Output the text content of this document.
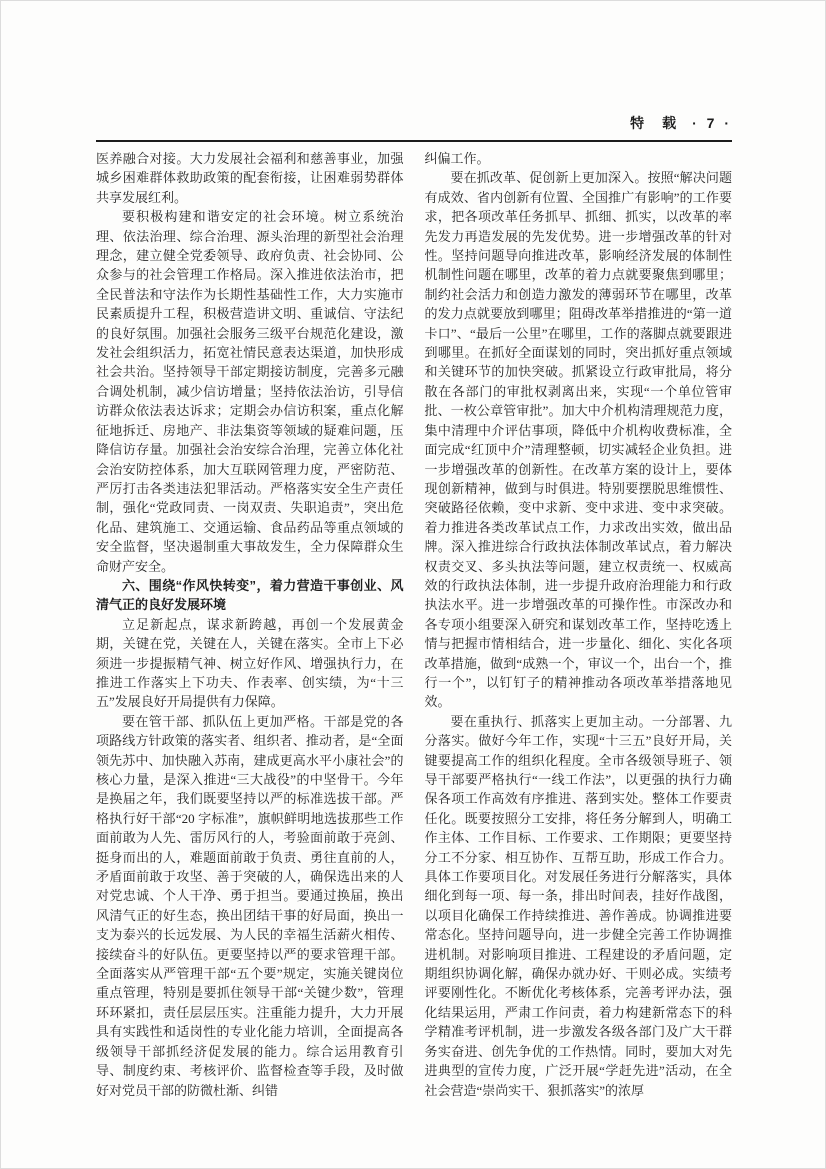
特　载 · 7 ·

医养融合对接。大力发展社会福利和慈善事业，加强城乡困难群体救助政策的配套衔接，让困难弱势群体共享发展红利。

要积极构建和谐安定的社会环境。树立系统治理、依法治理、综合治理、源头治理的新型社会治理理念，建立健全党委领导、政府负责、社会协同、公众参与的社会管理工作格局。深入推进依法治市，把全民普法和守法作为长期性基础性工作，大力实施市民素质提升工程，积极营造讲文明、重诚信、守法纪的良好氛围。加强社会服务三级平台规范化建设，激发社会组织活力，拓宽社情民意表达渠道，加快形成社会共治。坚持领导干部定期接访制度，完善多元融合调处机制，减少信访增量；坚持依法治访，引导信访群众依法表达诉求；定期会办信访积案，重点化解征地拆迁、房地产、非法集资等领域的疑难问题，压降信访存量。加强社会治安综合治理，完善立体化社会治安防控体系，加大互联网管理力度，严密防范、严厉打击各类违法犯罪活动。严格落实安全生产责任制，强化“党政同责、一岗双责、失职追责”，突出危化品、建筑施工、交通运输、食品药品等重点领域的安全监督，坚决遏制重大事故发生，全力保障群众生命财产安全。

六、围绕“作风快转变”，着力营造干事创业、风清气正的良好发展环境

立足新起点，谋求新跨越，再创一个发展黄金期，关键在党，关键在人，关键在落实。全市上下必须进一步提振精气神、树立好作风、增强执行力，在推进工作落实上下功夫、作表率、创实绩，为“十三五”发展良好开局提供有力保障。

要在管干部、抓队伍上更加严格。干部是党的各项路线方针政策的落实者、组织者、推动者，是“全面领先苏中、加快融入苏南，建成更高水平小康社会”的核心力量，是深入推进“三大战役”的中坚骨干。今年是换届之年，我们既要坚持以严的标准选拔干部。严格执行好干部“20 字标准”，旗帜鲜明地选拔那些工作面前敢为人先、雷厉风行的人，考验面前敢于亮剑、挺身而出的人，难题面前敢于负责、勇往直前的人，矛盾面前敢于攻坚、善于突破的人，确保选出来的人对党忠诚、个人干净、勇于担当。要通过换届，换出风清气正的好生态，换出团结干事的好局面，换出一支为泰兴的长远发展、为人民的幸福生活薪火相传、接续奋斗的好队伍。更要坚持以严的要求管理干部。全面落实从严管理干部“五个要”规定，实施关键岗位重点管理，特别是要抓住领导干部“关键少数”，管理环环紧扣，责任层层压实。注重能力提升，大力开展具有实践性和适岗性的专业化能力培训，全面提高各级领导干部抓经济促发展的能力。综合运用教育引导、制度约束、考核评价、监督检查等手段，及时做好对党员干部的防微杜渐、纠错

纠偏工作。

要在抓改革、促创新上更加深入。按照“解决问题有成效、省内创新有位置、全国推广有影响”的工作要求，把各项改革任务抓早、抓细、抓实，以改革的率先发力再造发展的先发优势。进一步增强改革的针对性。坚持问题导向推进改革，影响经济发展的体制性机制性问题在哪里，改革的着力点就要聚焦到哪里；制约社会活力和创造力激发的薄弱环节在哪里，改革的发力点就要放到哪里；阻碍改革举措推进的“第一道卡口”、“最后一公里”在哪里，工作的落脚点就要跟进到哪里。在抓好全面谋划的同时，突出抓好重点领域和关键环节的加快突破。抓紧设立行政审批局，将分散在各部门的审批权剥离出来，实现“一个单位管审批、一枚公章管审批”。加大中介机构清理规范力度，集中清理中介评估事项，降低中介机构收费标准，全面完成“红顶中介”清理整顿，切实减轻企业负担。进一步增强改革的创新性。在改革方案的设计上，要体现创新精神，做到与时俱进。特别要摆脱思维惯性、突破路径依赖，变中求新、变中求进、变中求突破。着力推进各类改革试点工作，力求改出实效，做出品牌。深入推进综合行政执法体制改革试点，着力解决权责交叉、多头执法等问题，建立权责统一、权威高效的行政执法体制，进一步提升政府治理能力和行政执法水平。进一步增强改革的可操作性。市深改办和各专项小组要深入研究和谋划改革工作，坚持吃透上情与把握市情相结合，进一步量化、细化、实化各项改革措施，做到“成熟一个，审议一个，出台一个，推行一个”，以钉钉子的精神推动各项改革举措落地见效。

要在重执行、抓落实上更加主动。一分部署、九分落实。做好今年工作，实现“十三五”良好开局，关键要提高工作的组织化程度。全市各级领导班子、领导干部要严格执行“一线工作法”，以更强的执行力确保各项工作高效有序推进、落到实处。整体工作要责任化。既要按照分工安排，将任务分解到人，明确工作主体、工作目标、工作要求、工作期限；更要坚持分工不分家、相互协作、互帮互助，形成工作合力。具体工作要项目化。对发展任务进行分解落实，具体细化到每一项、每一条，排出时间表，挂好作战图，以项目化确保工作持续推进、善作善成。协调推进要常态化。坚持问题导向，进一步健全完善工作协调推进机制。对影响项目推进、工程建设的矛盾问题，定期组织协调化解，确保办就办好、干则必成。实绩考评要刚性化。不断优化考核体系，完善考评办法，强化结果运用，严肃工作问责，着力构建新常态下的科学精准考评机制，进一步激发各级各部门及广大干群务实奋进、创先争优的工作热情。同时，要加大对先进典型的宣传力度，广泛开展“学赶先进”活动，在全社会营造“崇尚实干、狠抓落实”的浓厚
